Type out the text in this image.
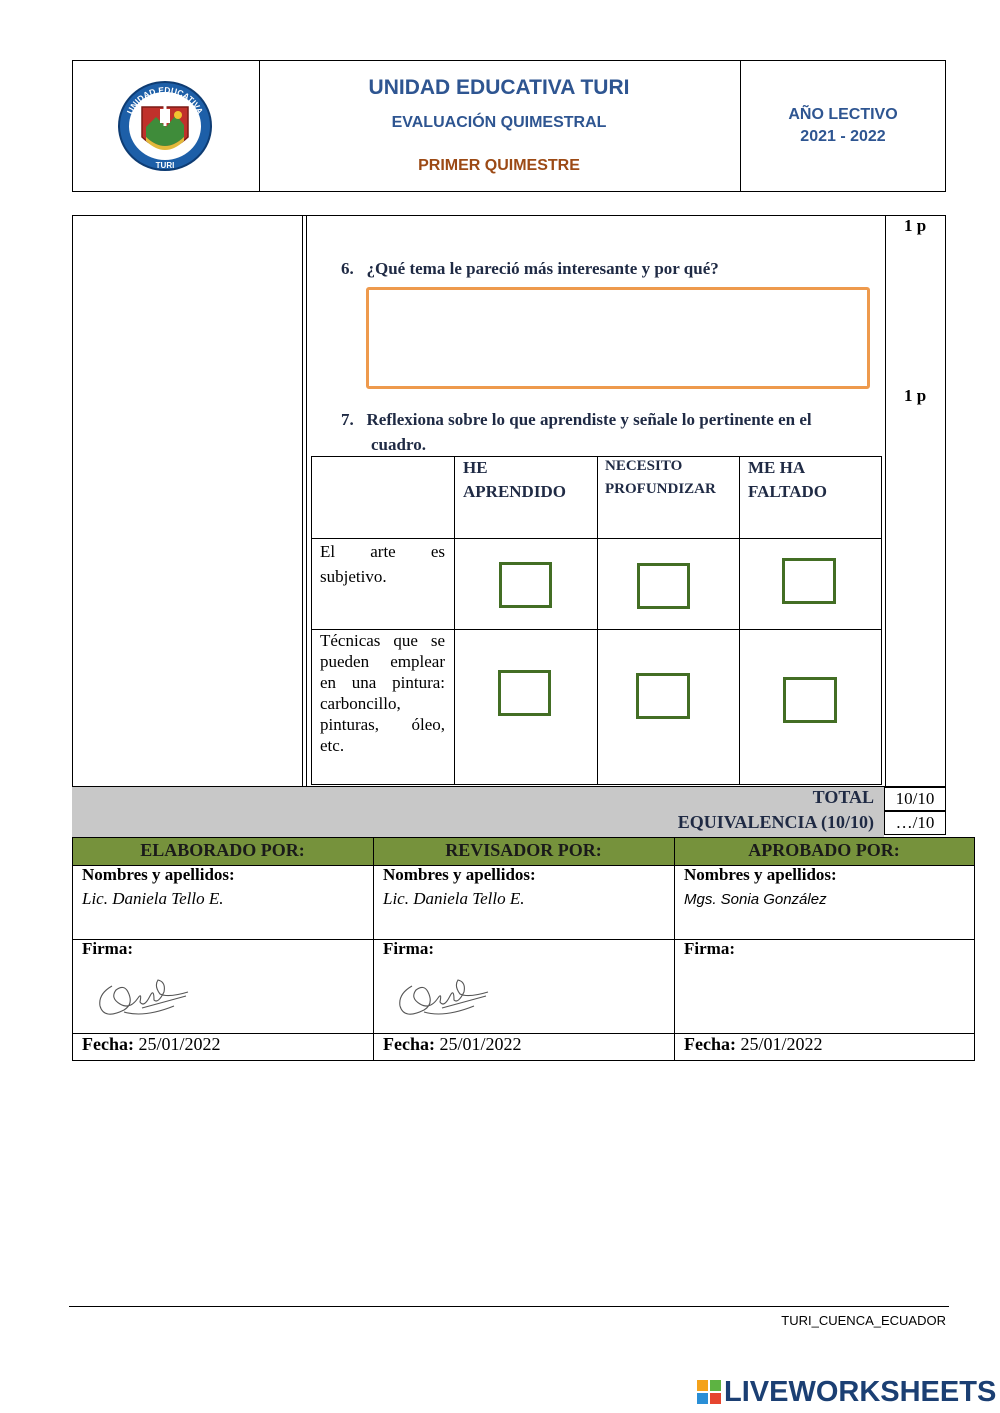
UNIDAD EDUCATIVA
TURI
UNIDAD EDUCATIVA TURI
EVALUACIÓN QUIMESTRAL
PRIMER QUIMESTRE
AÑO LECTIVO
2021 - 2022
1 p
1 p
6. ¿Qué tema le pareció más interesante y por qué?
7. Reflexiona sobre lo que aprendiste y señale lo pertinente en el
cuadro.
HE
APRENDIDO
NECESITO
PROFUNDIZAR
ME HA
FALTADO
El arte es
subjetivo.
Técnicas que se
pueden emplear
en una pintura:
carboncillo,
pinturas, óleo,
etc.
TOTAL
EQUIVALENCIA (10/10)
10/10
…/10
ELABORADO POR:	REVISADOR POR:	APROBADO POR:
Nombres y apellidos:
Lic. Daniela Tello E.
Firma:
Fecha: 25/01/2022
Nombres y apellidos:
Lic. Daniela Tello E.
Firma:
Fecha: 25/01/2022
Nombres y apellidos:
Mgs. Sonia González
Firma:
Fecha: 25/01/2022
TURI_CUENCA_ECUADOR
LIVEWORKSHEETS
